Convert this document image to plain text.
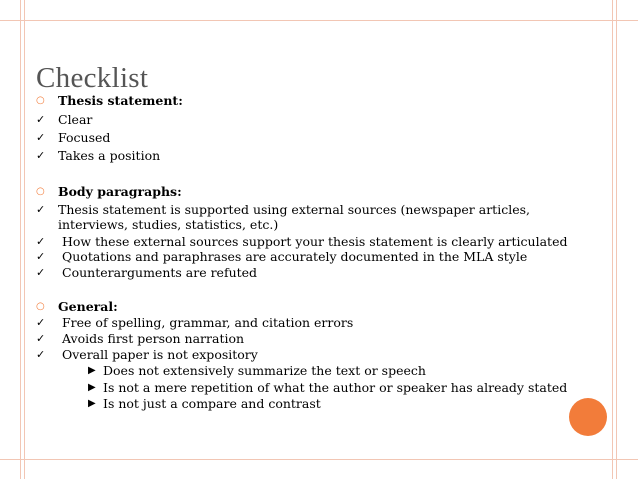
Checklist
○ Thesis statement:
✓ Clear
✓ Focused
✓ Takes a position
○ Body paragraphs:
✓ Thesis statement is supported using external sources (newspaper articles, interviews, studies, statistics, etc.)
✓ How these external sources support your thesis statement is clearly articulated
✓ Quotations and paraphrases are accurately documented in the MLA style
✓ Counterarguments are refuted
○ General:
✓ Free of spelling, grammar, and citation errors
✓ Avoids first person narration
✓ Overall paper is not expository
▶ Does not extensively summarize the text or speech
▶ Is not a mere repetition of what the author or speaker has already stated
▶ Is not just a compare and contrast
